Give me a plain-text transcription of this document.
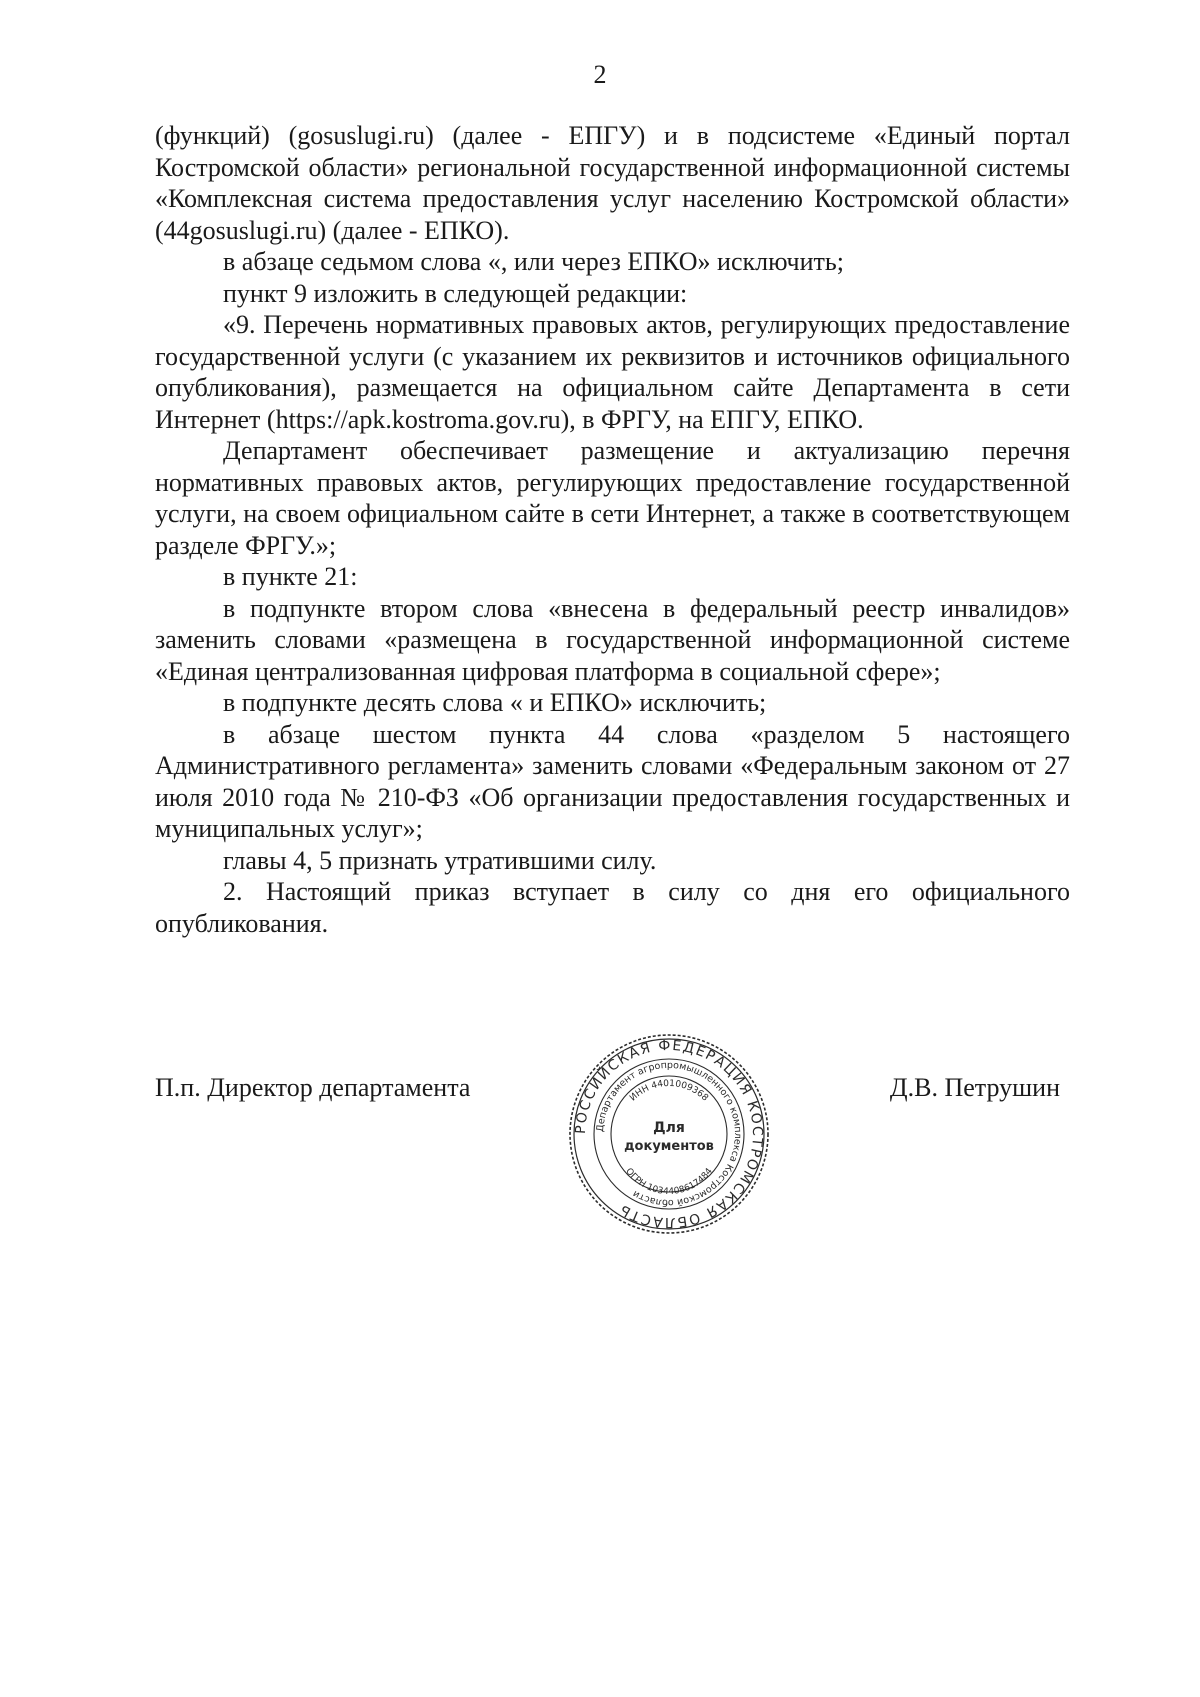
2

(функций) (gosuslugi.ru) (далее - ЕПГУ) и в подсистеме «Единый портал Костромской области» региональной государственной информационной системы «Комплексная система предоставления услуг населению Костромской области» (44gosuslugi.ru) (далее - ЕПКО).

в абзаце седьмом слова «, или через ЕПКО» исключить;

пункт 9 изложить в следующей редакции:

«9. Перечень нормативных правовых актов, регулирующих предоставление государственной услуги (с указанием их реквизитов и источников официального опубликования), размещается на официальном сайте Департамента в сети Интернет (https://apk.kostroma.gov.ru), в ФРГУ, на ЕПГУ, ЕПКО.

Департамент обеспечивает размещение и актуализацию перечня нормативных правовых актов, регулирующих предоставление государственной услуги, на своем официальном сайте в сети Интернет, а также в соответствующем разделе ФРГУ.»;

в пункте 21:

в подпункте втором слова «внесена в федеральный реестр инвалидов» заменить словами «размещена в государственной информационной системе «Единая централизованная цифровая платформа в социальной сфере»;

в подпункте десять слова « и ЕПКО» исключить;

в абзаце шестом пункта 44 слова «разделом 5 настоящего Административного регламента» заменить словами «Федеральным законом от 27 июля 2010 года № 210-ФЗ «Об организации предоставления государственных и муниципальных услуг»;

главы 4, 5 признать утратившими силу.

2. Настоящий приказ вступает в силу со дня его официального опубликования.

П.п. Директор департамента	Д.В. Петрушин
РОССИЙСКАЯ ФЕДЕРАЦИЯ КОСТРОМСКАЯ ОБЛАСТЬ
Департамент агропромышленного комплекса Костромской области
ИНН 4401009368
ОГРН 1034408617484
Для
документов
